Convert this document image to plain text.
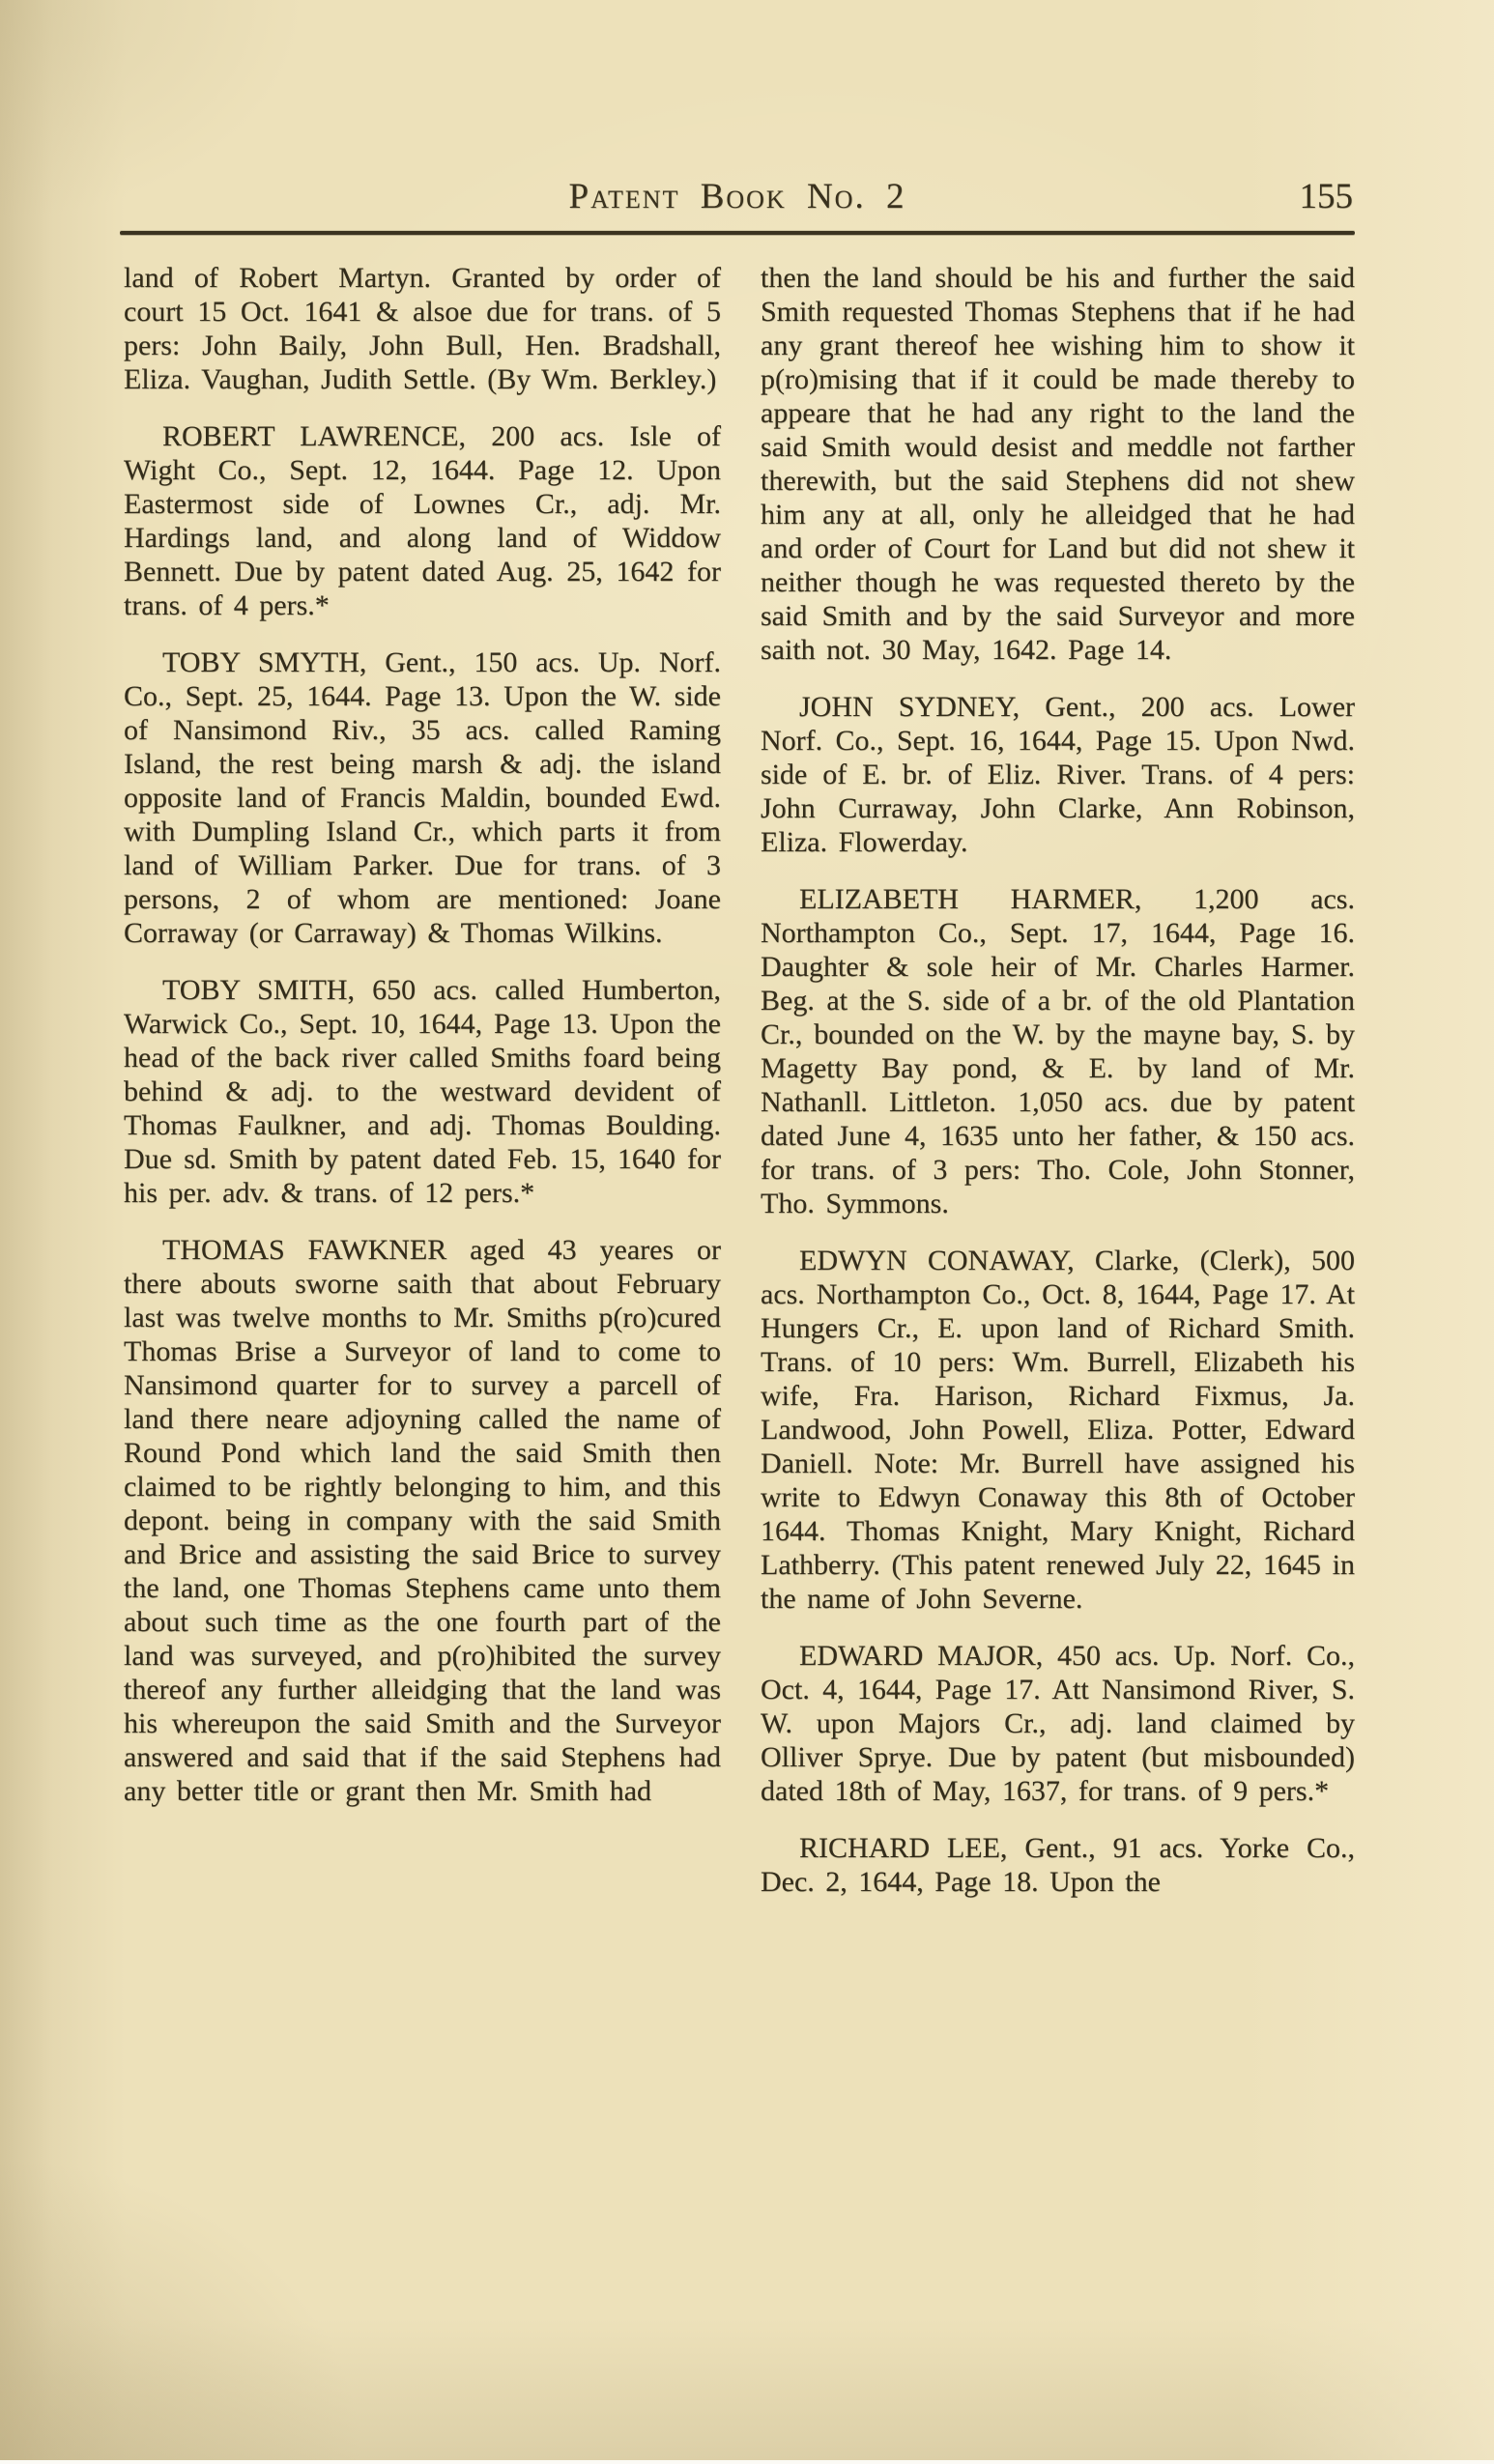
Patent Book No. 2	155

land of Robert Martyn. Granted by order of court 15 Oct. 1641 & alsoe due for trans. of 5 pers: John Baily, John Bull, Hen. Bradshall, Eliza. Vaughan, Judith Settle. (By Wm. Berkley.)

ROBERT LAWRENCE, 200 acs. Isle of Wight Co., Sept. 12, 1644. Page 12. Upon Eastermost side of Lownes Cr., adj. Mr. Hardings land, and along land of Widdow Bennett. Due by patent dated Aug. 25, 1642 for trans. of 4 pers.*

TOBY SMYTH, Gent., 150 acs. Up. Norf. Co., Sept. 25, 1644. Page 13. Upon the W. side of Nansimond Riv., 35 acs. called Raming Island, the rest being marsh & adj. the island opposite land of Francis Maldin, bounded Ewd. with Dumpling Island Cr., which parts it from land of William Parker. Due for trans. of 3 persons, 2 of whom are mentioned: Joane Corraway (or Carraway) & Thomas Wilkins.

TOBY SMITH, 650 acs. called Humberton, Warwick Co., Sept. 10, 1644, Page 13. Upon the head of the back river called Smiths foard being behind & adj. to the westward devident of Thomas Faulkner, and adj. Thomas Boulding. Due sd. Smith by patent dated Feb. 15, 1640 for his per. adv. & trans. of 12 pers.*

THOMAS FAWKNER aged 43 yeares or there abouts sworne saith that about February last was twelve months to Mr. Smiths p(ro)cured Thomas Brise a Surveyor of land to come to Nansimond quarter for to survey a parcell of land there neare adjoyning called the name of Round Pond which land the said Smith then claimed to be rightly belonging to him, and this depont. being in company with the said Smith and Brice and assisting the said Brice to survey the land, one Thomas Stephens came unto them about such time as the one fourth part of the land was surveyed, and p(ro)hibited the survey thereof any further alleidging that the land was his whereupon the said Smith and the Surveyor answered and said that if the said Stephens had any better title or grant then Mr. Smith had

then the land should be his and further the said Smith requested Thomas Stephens that if he had any grant thereof hee wishing him to show it p(ro)mising that if it could be made thereby to appeare that he had any right to the land the said Smith would desist and meddle not farther therewith, but the said Stephens did not shew him any at all, only he alleidged that he had and order of Court for Land but did not shew it neither though he was requested thereto by the said Smith and by the said Surveyor and more saith not. 30 May, 1642. Page 14.

JOHN SYDNEY, Gent., 200 acs. Lower Norf. Co., Sept. 16, 1644, Page 15. Upon Nwd. side of E. br. of Eliz. River. Trans. of 4 pers: John Curraway, John Clarke, Ann Robinson, Eliza. Flowerday.

ELIZABETH HARMER, 1,200 acs. Northampton Co., Sept. 17, 1644, Page 16. Daughter & sole heir of Mr. Charles Harmer. Beg. at the S. side of a br. of the old Plantation Cr., bounded on the W. by the mayne bay, S. by Magetty Bay pond, & E. by land of Mr. Nathanll. Littleton. 1,050 acs. due by patent dated June 4, 1635 unto her father, & 150 acs. for trans. of 3 pers: Tho. Cole, John Stonner, Tho. Symmons.

EDWYN CONAWAY, Clarke, (Clerk), 500 acs. Northampton Co., Oct. 8, 1644, Page 17. At Hungers Cr., E. upon land of Richard Smith. Trans. of 10 pers: Wm. Burrell, Elizabeth his wife, Fra. Harison, Richard Fixmus, Ja. Landwood, John Powell, Eliza. Potter, Edward Daniell. Note: Mr. Burrell have assigned his write to Edwyn Conaway this 8th of October 1644. Thomas Knight, Mary Knight, Richard Lathberry. (This patent renewed July 22, 1645 in the name of John Severne.

EDWARD MAJOR, 450 acs. Up. Norf. Co., Oct. 4, 1644, Page 17. Att Nansimond River, S. W. upon Majors Cr., adj. land claimed by Olliver Sprye. Due by patent (but misbounded) dated 18th of May, 1637, for trans. of 9 pers.*

RICHARD LEE, Gent., 91 acs. Yorke Co., Dec. 2, 1644, Page 18. Upon the
